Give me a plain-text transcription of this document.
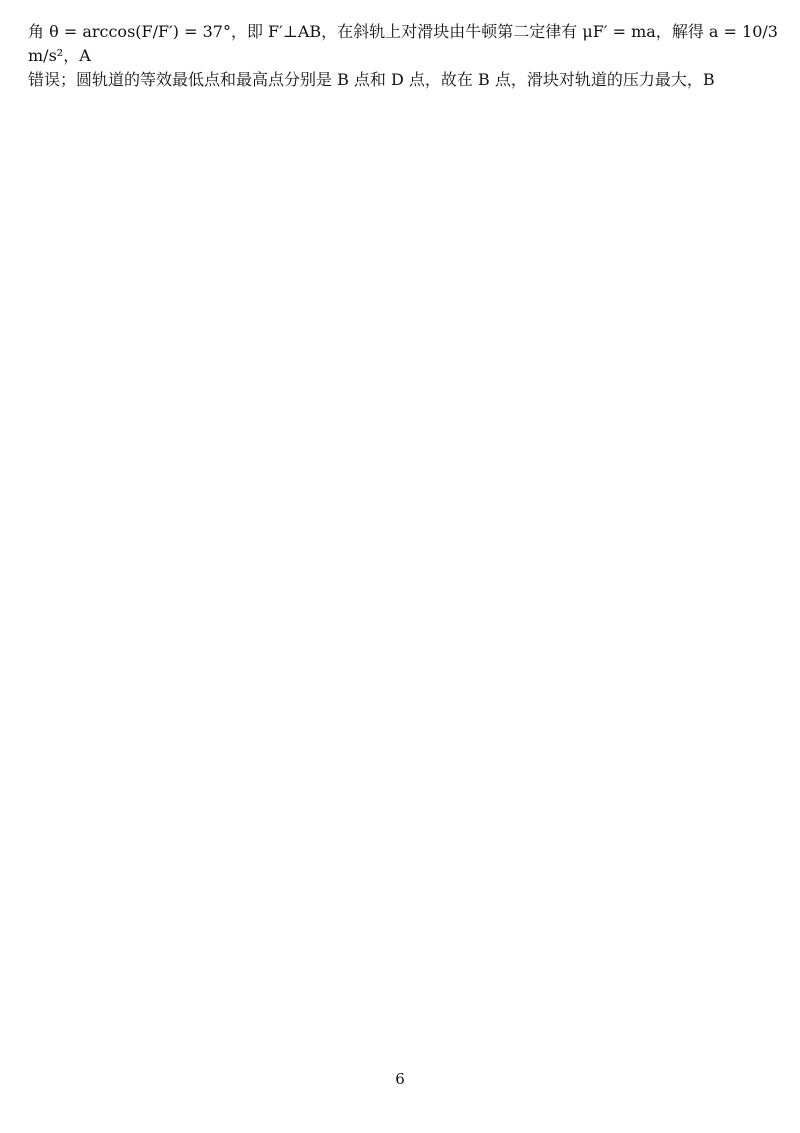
角 θ = arccos(F/F′) = 37°，即 F′⊥AB，在斜轨上对滑块由牛顿第二定律有 μF′ = ma，解得 a = 10/3 m/s²，A

错误；圆轨道的等效最低点和最高点分别是 B 点和 D 点，故在 B 点，滑块对轨道的压力最大，B

6
